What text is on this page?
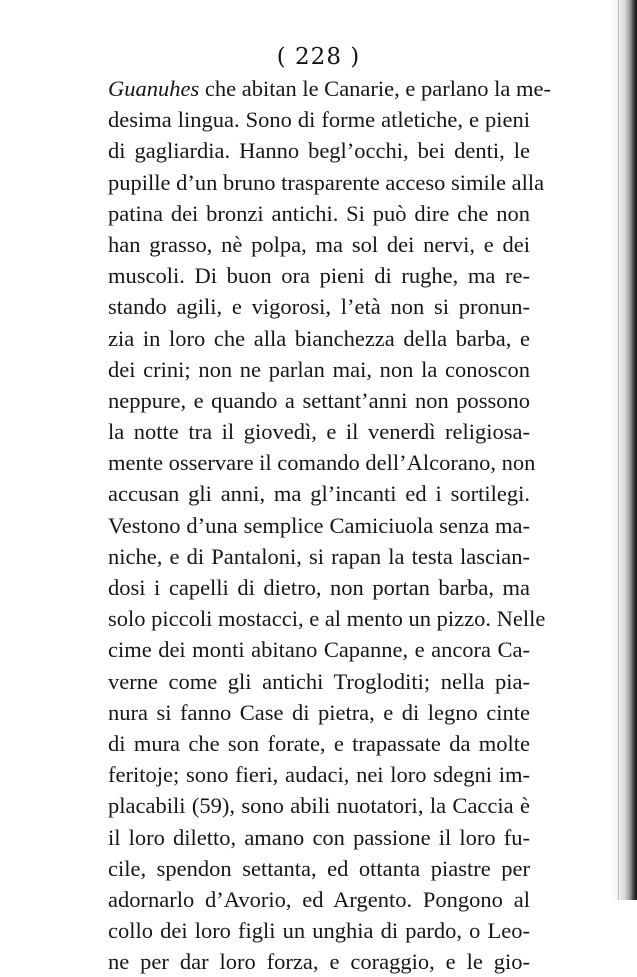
( 228 )
Guanuhes che abitan le Canarie, e parlano la me-
desima lingua. Sono di forme atletiche, e pieni
di gagliardia. Hanno begl’occhi, bei denti, le
pupille d’un bruno trasparente acceso simile alla
patina dei bronzi antichi. Si può dire che non
han grasso, nè polpa, ma sol dei nervi, e dei
muscoli. Di buon ora pieni di rughe, ma re-
stando agili, e vigorosi, l’età non si pronun-
zia in loro che alla bianchezza della barba, e
dei crini; non ne parlan mai, non la conoscon
neppure, e quando a settant’anni non possono
la notte tra il giovedì, e il venerdì religiosa-
mente osservare il comando dell’Alcorano, non
accusan gli anni, ma gl’incanti ed i sortilegi.
Vestono d’una semplice Camiciuola senza ma-
niche, e di Pantaloni, si rapan la testa lascian-
dosi i capelli di dietro, non portan barba, ma
solo piccoli mostacci, e al mento un pizzo. Nelle
cime dei monti abitano Capanne, e ancora Ca-
verne come gli antichi Trogloditi; nella pia-
nura si fanno Case di pietra, e di legno cinte
di mura che son forate, e trapassate da molte
feritoje; sono fieri, audaci, nei loro sdegni im-
placabili (59), sono abili nuotatori, la Caccia è
il loro diletto, amano con passione il loro fu-
cile, spendon settanta, ed ottanta piastre per
adornarlo d’Avorio, ed Argento. Pongono al
collo dei loro figli un unghia di pardo, o Leo-
ne per dar loro forza, e coraggio, e le gio-
